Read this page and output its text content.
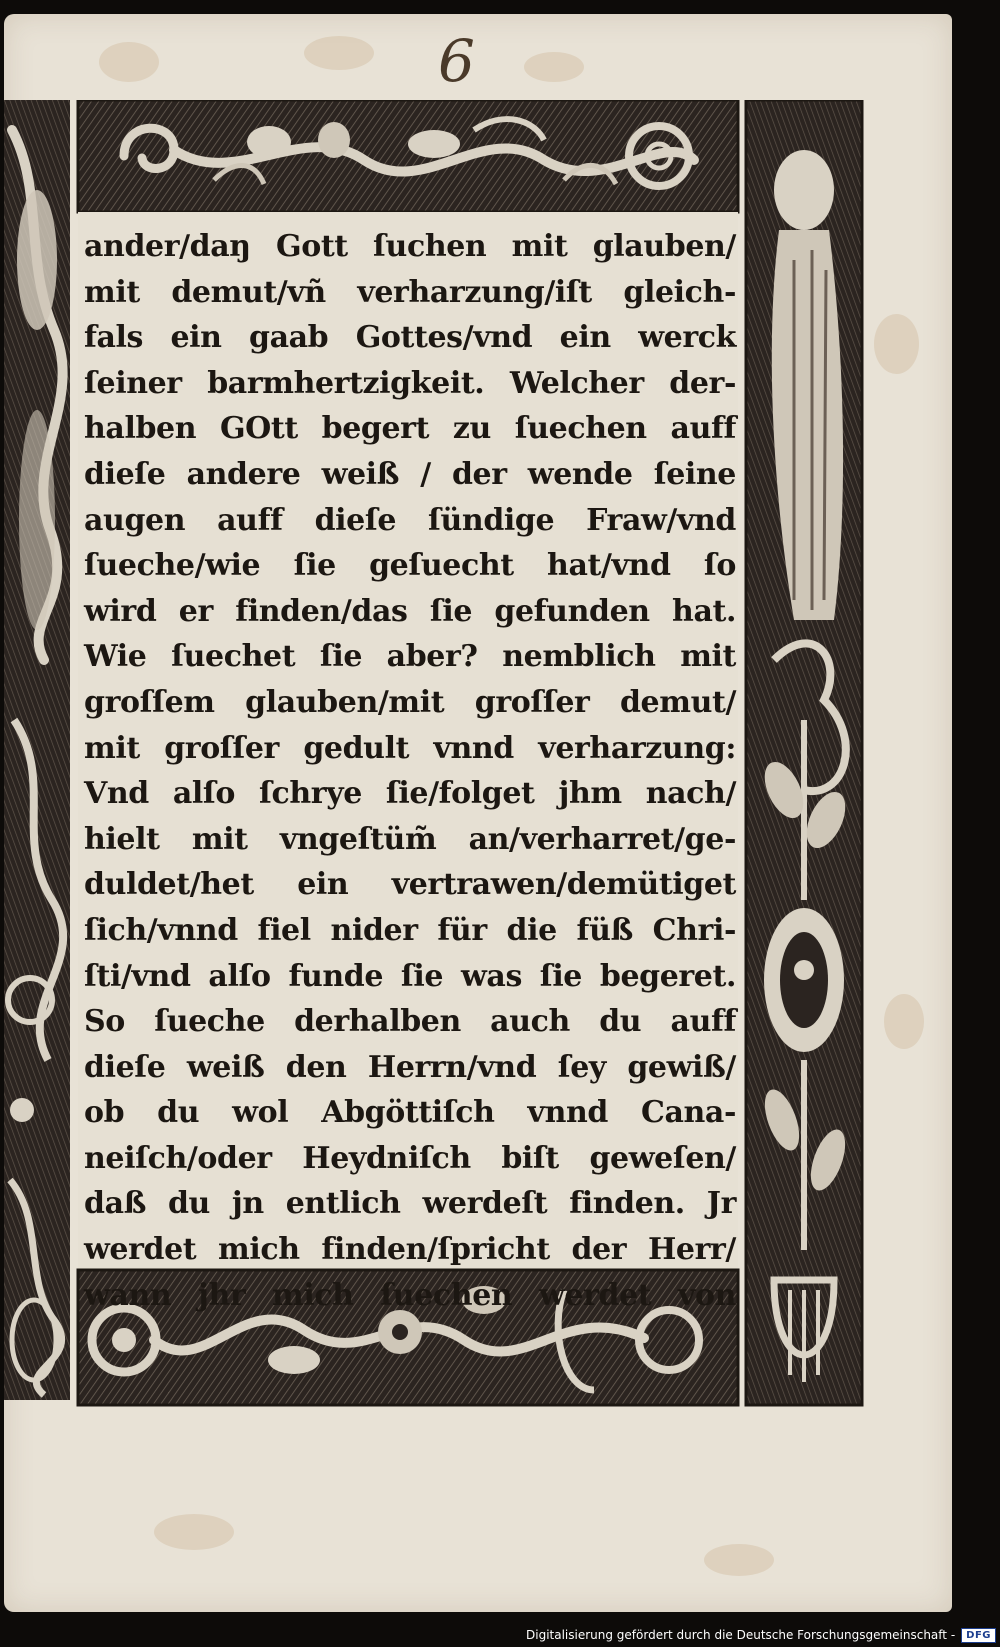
6

ander/daŋ Gott ſuchen mit glauben/
mit demut/vñ verharzung/iſt gleich-
fals ein gaab Gottes/vnd ein werck
ſeiner barmhertzigkeit. Welcher der-
halben GOtt begert zu ſuechen auff
dieſe andere weiß / der wende ſeine
augen auff dieſe ſündige Fraw/vnd
ſueche/wie ſie geſuecht hat/vnd ſo
wird er finden/das ſie gefunden hat.
Wie ſuechet ſie aber? nemblich mit
groſſem glauben/mit groſſer demut/
mit groſſer gedult vnnd verharzung:
Vnd alſo ſchrye ſie/folget jhm nach/
hielt mit vngeſtüm̃ an/verharret/ge-
duldet/het ein vertrawen/demütiget
ſich/vnnd fiel nider für die füß Chri-
ſti/vnd alſo funde ſie was ſie begeret.
So ſueche derhalben auch du auff
dieſe weiß den Herrn/vnd ſey gewiß/
ob du wol Abgöttiſch vnnd Cana-
neiſch/oder Heydniſch biſt geweſen/
daß du jn entlich werdeſt finden. Jr
werdet mich finden/ſpricht der Herr/
wann jhr mich ſuechen werdet von
Digitalisierung gefördert durch die Deutsche Forschungsgemeinschaft -	DFG
